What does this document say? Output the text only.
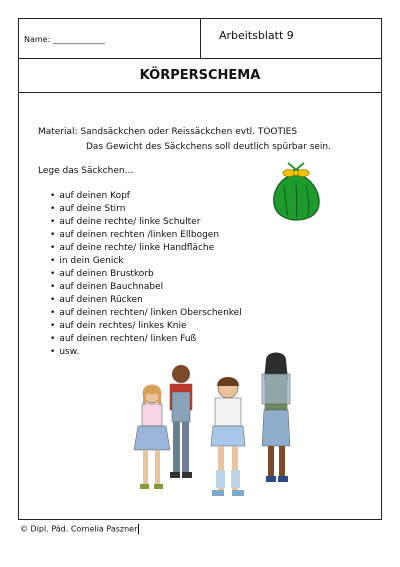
Name: _____________	Arbeitsblatt 9
KÖRPERSCHEMA
Material: Sandsäckchen oder Reissäckchen evtl. TOOTIES
Das Gewicht des Säckchens soll deutlich spürbar sein.
Lege das Säckchen...
• auf deinen Kopf
• auf deine Stirn
• auf deine rechte/ linke Schulter
• auf deinen rechten /linken Ellbogen
• auf deine rechte/ linke Handfläche
• in dein Genick
• auf deinen Brustkorb
• auf deinen Bauchnabel
• auf deinen Rücken
• auf deinen rechten/ linken Oberschenkel
• auf dein rechtes/ linkes Knie
• auf deinen rechten/ linken Fuß
• usw.
© Dipl. Päd. Cornelia Paszner
